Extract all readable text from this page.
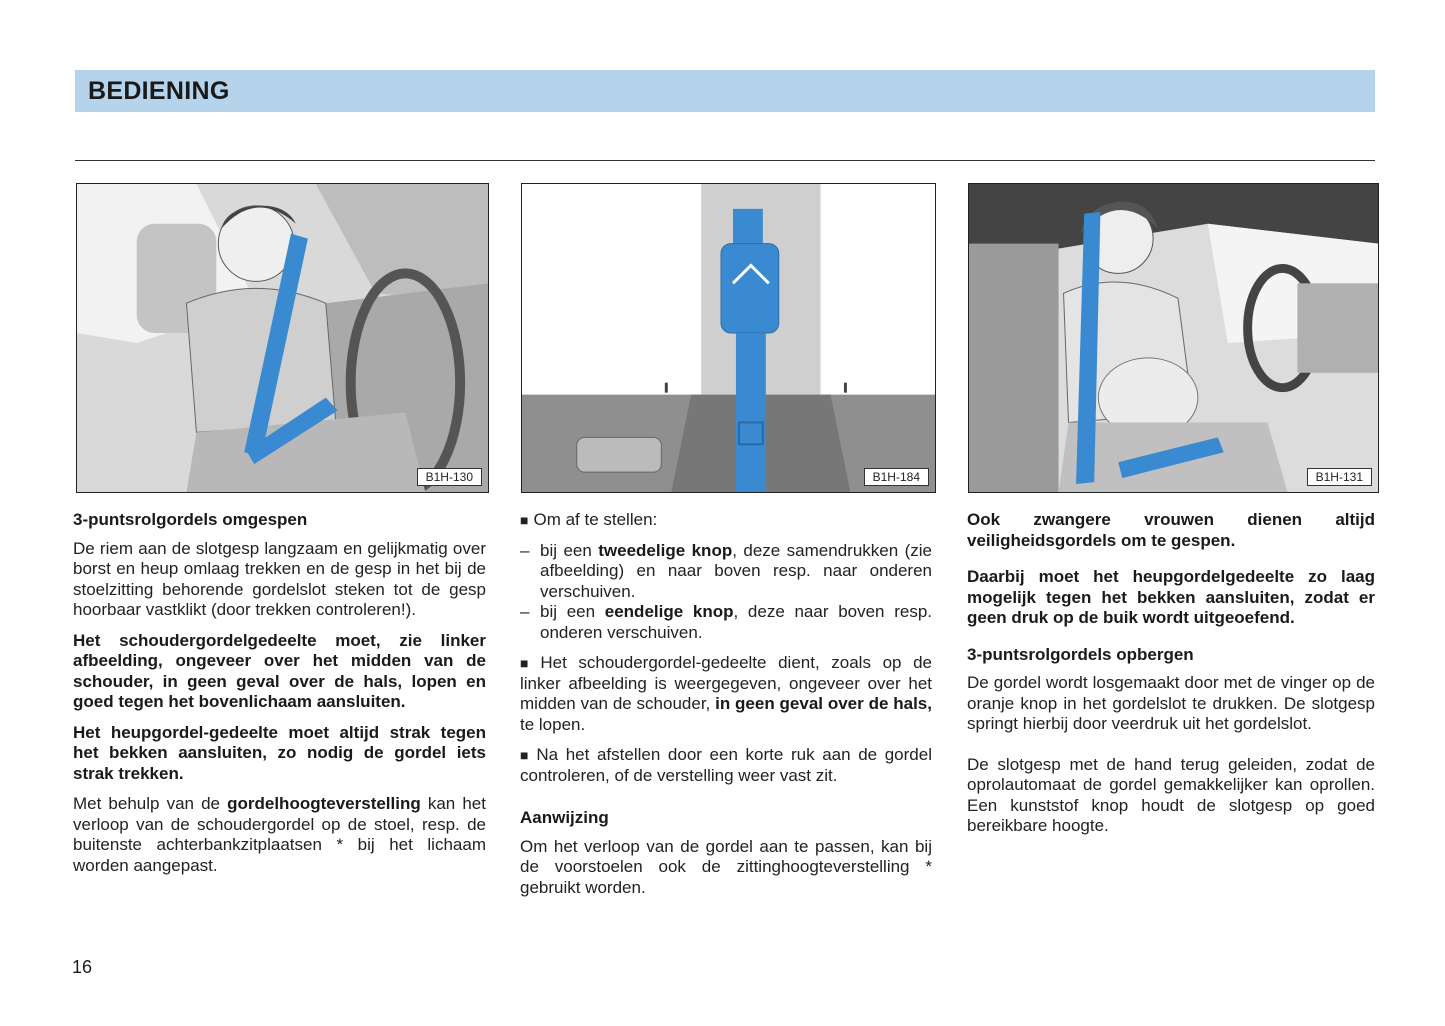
BEDIENING
B1H-130	B1H-184	B1H-131
3-puntsrolgordels omgespen

De riem aan de slotgesp langzaam en gelijkmatig over borst en heup omlaag trekken en de gesp in het bij de stoelzitting behorende gordelslot steken tot de gesp hoorbaar vastklikt (door trekken controleren!).

Het schoudergordelgedeelte moet, zie linker afbeelding, ongeveer over het midden van de schouder, in geen geval over de hals, lopen en goed tegen het bovenlichaam aansluiten.

Het heupgordel-gedeelte moet altijd strak tegen het bekken aansluiten, zo nodig de gordel iets strak trekken.

Met behulp van de gordelhoogteverstelling kan het verloop van de schoudergordel op de stoel, resp. de buitenste achterbankzitplaatsen * bij het lichaam worden aangepast.

■ Om af te stellen:

– bij een tweedelige knop, deze samendrukken (zie afbeelding) en naar boven resp. naar onderen verschuiven.
– bij een eendelige knop, deze naar boven resp. onderen verschuiven.

■ Het schoudergordel-gedeelte dient, zoals op de linker afbeelding is weergegeven, ongeveer over het midden van de schouder, in geen geval over de hals, te lopen.

■ Na het afstellen door een korte ruk aan de gordel controleren, of de verstelling weer vast zit.

Aanwijzing

Om het verloop van de gordel aan te passen, kan bij de voorstoelen ook de zittinghoogteverstelling * gebruikt worden.

Ook zwangere vrouwen dienen altijd veiligheidsgordels om te gespen.

Daarbij moet het heupgordelgedeelte zo laag mogelijk tegen het bekken aansluiten, zodat er geen druk op de buik wordt uitgeoefend.

3-puntsrolgordels opbergen

De gordel wordt losgemaakt door met de vinger op de oranje knop in het gordelslot te drukken. De slotgesp springt hierbij door veerdruk uit het gordelslot.

De slotgesp met de hand terug geleiden, zodat de oprolautomaat de gordel gemakkelijker kan oprollen. Een kunststof knop houdt de slotgesp op goed bereikbare hoogte.

16
